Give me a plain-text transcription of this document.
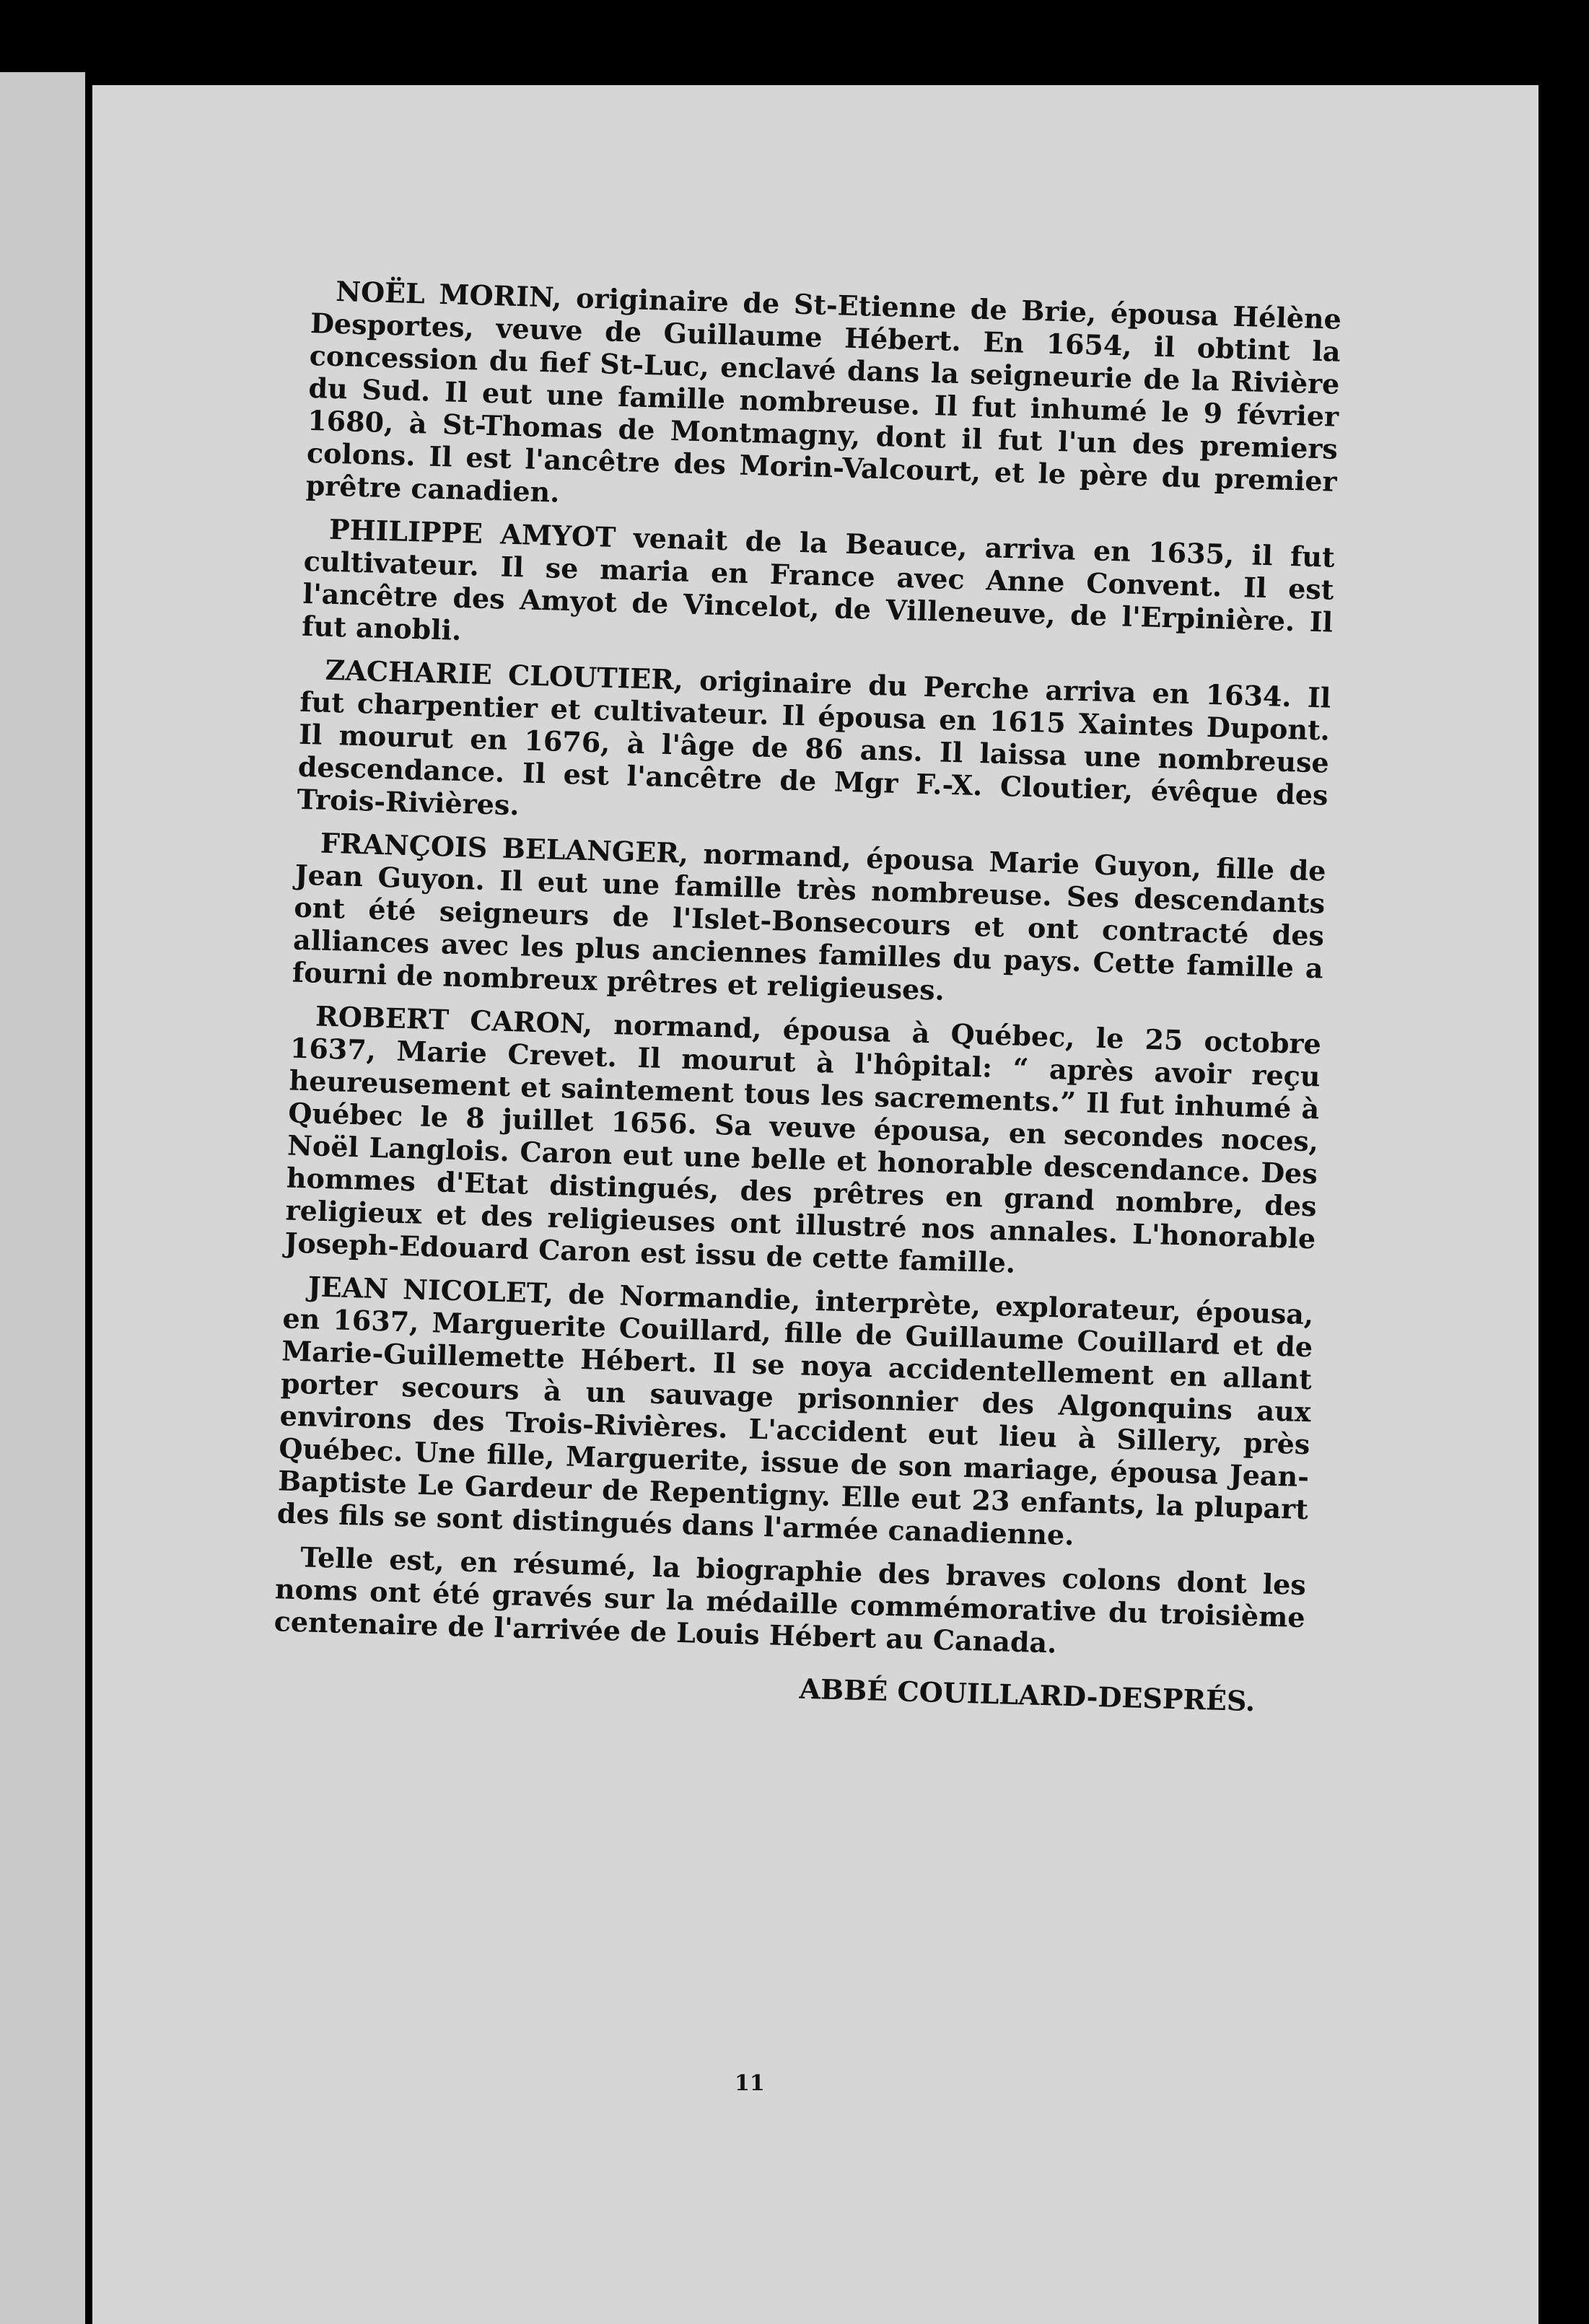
NOËL MORIN, originaire de St-Etienne de Brie, épousa Hélène Desportes, veuve de Guillaume Hébert. En 1654, il obtint la concession du fief St-Luc, enclavé dans la seigneurie de la Rivière du Sud. Il eut une famille nombreuse. Il fut inhumé le 9 février 1680, à St-Thomas de Montmagny, dont il fut l'un des premiers colons. Il est l'ancêtre des Morin-Valcourt, et le père du premier prêtre canadien.

PHILIPPE AMYOT venait de la Beauce, arriva en 1635, il fut cultivateur. Il se maria en France avec Anne Convent. Il est l'ancêtre des Amyot de Vincelot, de Villeneuve, de l'Erpinière. Il fut anobli.

ZACHARIE CLOUTIER, originaire du Perche arriva en 1634. Il fut charpentier et cultivateur. Il épousa en 1615 Xaintes Dupont. Il mourut en 1676, à l'âge de 86 ans. Il laissa une nombreuse descendance. Il est l'ancêtre de Mgr F.-X. Cloutier, évêque des Trois-Rivières.

FRANÇOIS BELANGER, normand, épousa Marie Guyon, fille de Jean Guyon. Il eut une famille très nombreuse. Ses descendants ont été seigneurs de l'Islet-Bonsecours et ont contracté des alliances avec les plus anciennes familles du pays. Cette famille a fourni de nombreux prêtres et religieuses.

ROBERT CARON, normand, épousa à Québec, le 25 octobre 1637, Marie Crevet. Il mourut à l'hôpital: “ après avoir reçu heureusement et saintement tous les sacrements.” Il fut inhumé à Québec le 8 juillet 1656. Sa veuve épousa, en secondes noces, Noël Langlois. Caron eut une belle et honorable descendance. Des hommes d'Etat distingués, des prêtres en grand nombre, des religieux et des religieuses ont illustré nos annales. L'honorable Joseph-Edouard Caron est issu de cette famille.

JEAN NICOLET, de Normandie, interprète, explorateur, épousa, en 1637, Marguerite Couillard, fille de Guillaume Couillard et de Marie-Guillemette Hébert. Il se noya accidentellement en allant porter secours à un sauvage prisonnier des Algonquins aux environs des Trois-Rivières. L'accident eut lieu à Sillery, près Québec. Une fille, Marguerite, issue de son mariage, épousa Jean-Baptiste Le Gardeur de Repentigny. Elle eut 23 enfants, la plupart des fils se sont distingués dans l'armée canadienne.

Telle est, en résumé, la biographie des braves colons dont les noms ont été gravés sur la médaille commémorative du troisième centenaire de l'arrivée de Louis Hébert au Canada.

ABBÉ COUILLARD-DESPRÉS.
11
